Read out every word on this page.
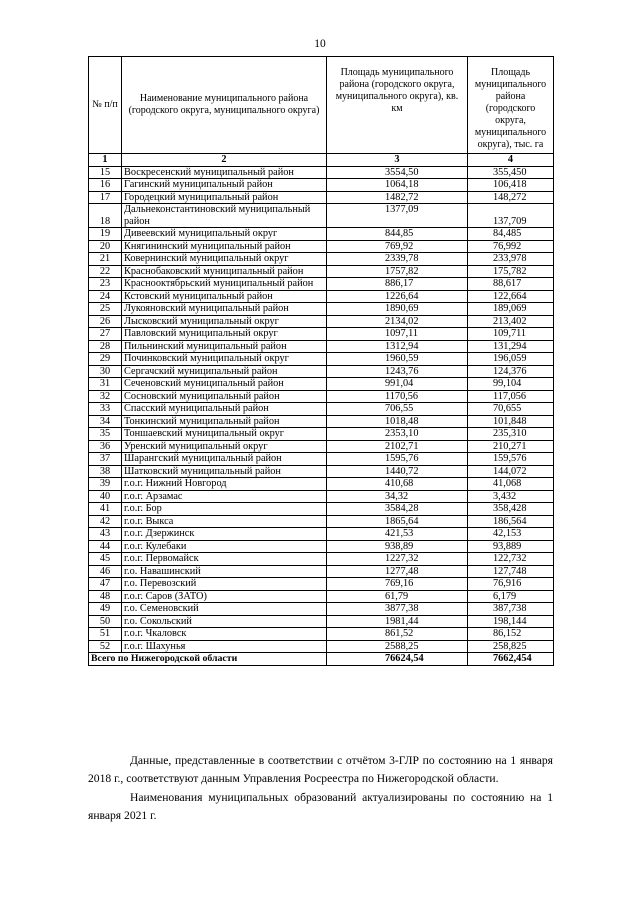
10
№ п/п	Наименование муниципального района (городского округа, муниципального округа)	Площадь муниципального района (городского округа, муниципального округа), кв. км	Площадь муниципального района (городского округа, муниципального округа), тыс. га
1	2	3	4
15	Воскресенский муниципальный район	3554,50	355,450
16	Гагинский муниципальный район	1064,18	106,418
17	Городецкий муниципальный район	1482,72	148,272
18	Дальнеконстантиновский муниципальный район	1377,09	137,709
19	Дивеевский муниципальный округ	844,85	84,485
20	Княгининский муниципальный район	769,92	76,992
21	Ковернинский муниципальный округ	2339,78	233,978
22	Краснобаковский муниципальный район	1757,82	175,782
23	Краснооктябрьский муниципальный район	886,17	88,617
24	Кстовский муниципальный район	1226,64	122,664
25	Лукояновский муниципальный район	1890,69	189,069
26	Лысковский муниципальный округ	2134,02	213,402
27	Павловский муниципальный округ	1097,11	109,711
28	Пильнинский муниципальный район	1312,94	131,294
29	Починковский муниципальный округ	1960,59	196,059
30	Сергачский муниципальный район	1243,76	124,376
31	Сеченовский муниципальный район	991,04	99,104
32	Сосновский муниципальный район	1170,56	117,056
33	Спасский муниципальный район	706,55	70,655
34	Тонкинский муниципальный район	1018,48	101,848
35	Тоншаевский муниципальный округ	2353,10	235,310
36	Уренский муниципальный округ	2102,71	210,271
37	Шарангский муниципальный район	1595,76	159,576
38	Шатковский муниципальный район	1440,72	144,072
39	г.о.г. Нижний Новгород	410,68	41,068
40	г.о.г. Арзамас	34,32	3,432
41	г.о.г. Бор	3584,28	358,428
42	г.о.г. Выкса	1865,64	186,564
43	г.о.г. Дзержинск	421,53	42,153
44	г.о.г. Кулебаки	938,89	93,889
45	г.о.г. Первомайск	1227,32	122,732
46	г.о. Навашинский	1277,48	127,748
47	г.о. Перевозский	769,16	76,916
48	г.о.г. Саров (ЗАТО)	61,79	6,179
49	г.о. Семеновский	3877,38	387,738
50	г.о. Сокольский	1981,44	198,144
51	г.о.г. Чкаловск	861,52	86,152
52	г.о.г. Шахунья	2588,25	258,825
Всего по Нижегородской области		76624,54	7662,454

Данные, представленные в соответствии с отчётом 3-ГЛР по состоянию на 1 января 2018 г., соответствуют данным Управления Росреестра по Нижегородской области.

Наименования муниципальных образований актуализированы по состоянию на 1 января 2021 г.
